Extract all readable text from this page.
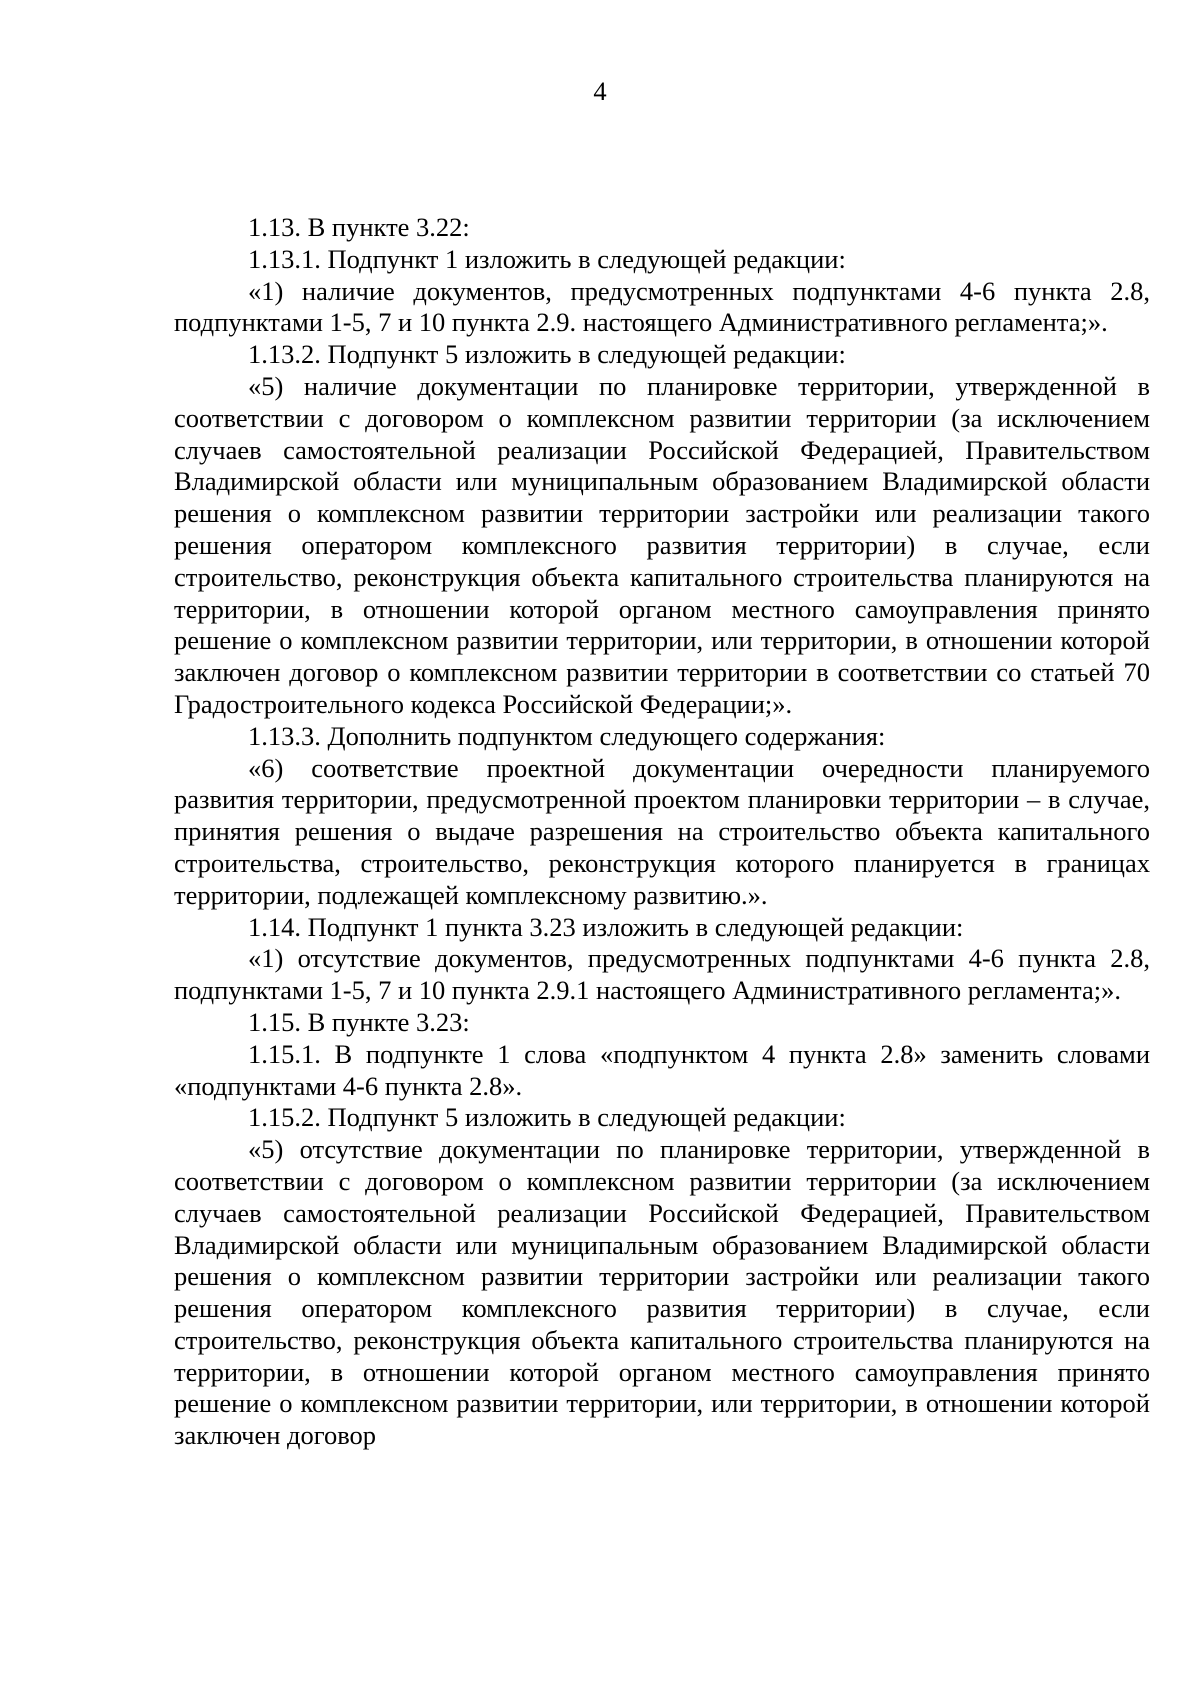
4

1.13. В пункте 3.22:

1.13.1. Подпункт 1 изложить в следующей редакции:

«1) наличие документов, предусмотренных подпунктами 4-6 пункта 2.8, подпунктами 1-5, 7 и 10 пункта 2.9. настоящего Административного регламента;».

1.13.2. Подпункт 5 изложить в следующей редакции:

«5) наличие документации по планировке территории, утвержденной в соответствии с договором о комплексном развитии территории (за исключением случаев самостоятельной реализации Российской Федерацией, Правительством Владимирской области или муниципальным образованием Владимирской области решения о комплексном развитии территории застройки или реализации такого решения оператором комплексного развития территории) в случае, если строительство, реконструкция объекта капитального строительства планируются на территории, в отношении которой органом местного самоуправления принято решение о комплексном развитии территории, или территории, в отношении которой заключен договор о комплексном развитии территории в соответствии со статьей 70 Градостроительного кодекса Российской Федерации;».

1.13.3. Дополнить подпунктом следующего содержания:

«6) соответствие проектной документации очередности планируемого развития территории, предусмотренной проектом планировки территории – в случае, принятия решения о выдаче разрешения на строительство объекта капитального строительства, строительство, реконструкция которого планируется в границах территории, подлежащей комплексному развитию.».

1.14. Подпункт 1 пункта 3.23 изложить в следующей редакции:

«1) отсутствие документов, предусмотренных подпунктами 4-6 пункта 2.8, подпунктами 1-5, 7 и 10 пункта 2.9.1 настоящего Административного регламента;».

1.15. В пункте 3.23:

1.15.1. В подпункте 1 слова «подпунктом 4 пункта 2.8» заменить словами «подпунктами 4-6 пункта 2.8».

1.15.2. Подпункт 5 изложить в следующей редакции:

«5) отсутствие документации по планировке территории, утвержденной в соответствии с договором о комплексном развитии территории (за исключением случаев самостоятельной реализации Российской Федерацией, Правительством Владимирской области или муниципальным образованием Владимирской области решения о комплексном развитии территории застройки или реализации такого решения оператором комплексного развития территории) в случае, если строительство, реконструкция объекта капитального строительства планируются на территории, в отношении которой органом местного самоуправления принято решение о комплексном развитии территории, или территории, в отношении которой заключен договор
